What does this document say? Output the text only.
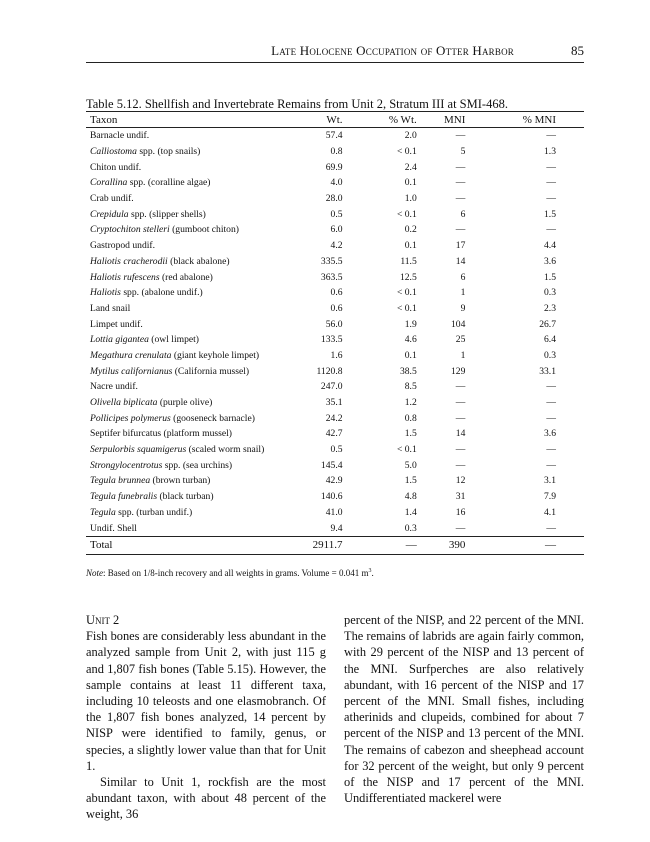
Late Holocene Occupation of Otter Harbor	85
Table 5.12. Shellfish and Invertebrate Remains from Unit 2, Stratum III at SMI-468.
Taxon	Wt.	% Wt.	MNI	% MNI
Barnacle undif.	57.4	2.0	—	—
Calliostoma spp. (top snails)	0.8	< 0.1	5	1.3
Chiton undif.	69.9	2.4	—	—
Corallina spp. (coralline algae)	4.0	0.1	—	—
Crab undif.	28.0	1.0	—	—
Crepidula spp. (slipper shells)	0.5	< 0.1	6	1.5
Cryptochiton stelleri (gumboot chiton)	6.0	0.2	—	—
Gastropod undif.	4.2	0.1	17	4.4
Haliotis cracherodii (black abalone)	335.5	11.5	14	3.6
Haliotis rufescens (red abalone)	363.5	12.5	6	1.5
Haliotis spp. (abalone undif.)	0.6	< 0.1	1	0.3
Land snail	0.6	< 0.1	9	2.3
Limpet undif.	56.0	1.9	104	26.7
Lottia gigantea (owl limpet)	133.5	4.6	25	6.4
Megathura crenulata (giant keyhole limpet)	1.6	0.1	1	0.3
Mytilus californianus (California mussel)	1120.8	38.5	129	33.1
Nacre undif.	247.0	8.5	—	—
Olivella biplicata (purple olive)	35.1	1.2	—	—
Pollicipes polymerus (gooseneck barnacle)	24.2	0.8	—	—
Septifer bifurcatus (platform mussel)	42.7	1.5	14	3.6
Serpulorbis squamigerus (scaled worm snail)	0.5	< 0.1	—	—
Strongylocentrotus spp. (sea urchins)	145.4	5.0	—	—
Tegula brunnea (brown turban)	42.9	1.5	12	3.1
Tegula funebralis (black turban)	140.6	4.8	31	7.9
Tegula spp. (turban undif.)	41.0	1.4	16	4.1
Undif. Shell	9.4	0.3	—	—
Total	2911.7	—	390	—
Note: Based on 1/8-inch recovery and all weights in grams. Volume = 0.041 $m^3$.
Unit 2

Fish bones are considerably less abundant in the analyzed sample from Unit 2, with just 115 g and 1,807 fish bones (Table 5.15). However, the sample contains at least 11 different taxa, including 10 teleosts and one elasmobranch. Of the 1,807 fish bones analyzed, 14 percent by NISP were identified to family, genus, or species, a slightly lower value than that for Unit 1.

Similar to Unit 1, rockfish are the most abundant taxon, with about 48 percent of the weight, 36

percent of the NISP, and 22 percent of the MNI. The remains of labrids are again fairly common, with 29 percent of the NISP and 13 percent of the MNI. Surfperches are also relatively abundant, with 16 percent of the NISP and 17 percent of the MNI. Small fishes, including atherinids and clupeids, combined for about 7 percent of the NISP and 13 percent of the MNI. The remains of cabezon and sheephead account for 32 percent of the weight, but only 9 percent of the NISP and 17 percent of the MNI. Undifferentiated mackerel were
